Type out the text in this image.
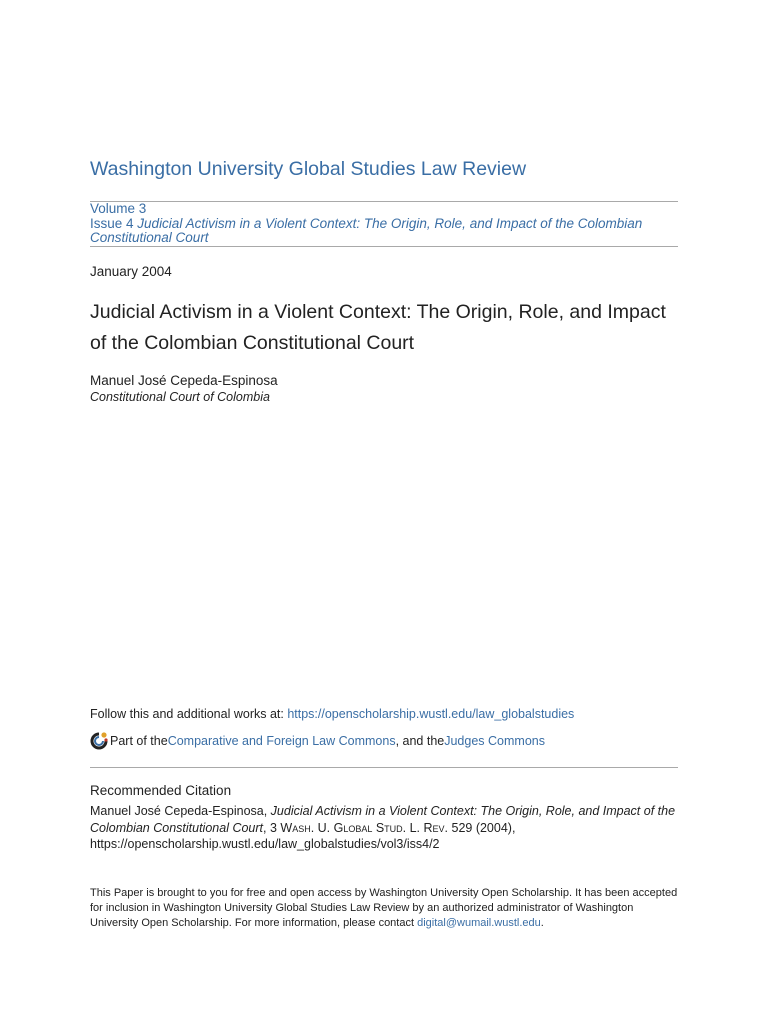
Washington University Global Studies Law Review
Volume 3
Issue 4 Judicial Activism in a Violent Context: The Origin, Role, and Impact of the Colombian Constitutional Court
January 2004
Judicial Activism in a Violent Context: The Origin, Role, and Impact of the Colombian Constitutional Court
Manuel José Cepeda-Espinosa
Constitutional Court of Colombia
Follow this and additional works at: https://openscholarship.wustl.edu/law_globalstudies
Part of the Comparative and Foreign Law Commons , and the Judges Commons
Recommended Citation
Manuel José Cepeda-Espinosa, Judicial Activism in a Violent Context: The Origin, Role, and Impact of the Colombian Constitutional Court, 3 Wash. U. Global Stud. L. Rev. 529 (2004),
https://openscholarship.wustl.edu/law_globalstudies/vol3/iss4/2
This Paper is brought to you for free and open access by Washington University Open Scholarship. It has been accepted for inclusion in Washington University Global Studies Law Review by an authorized administrator of Washington University Open Scholarship. For more information, please contact digital@wumail.wustl.edu.
